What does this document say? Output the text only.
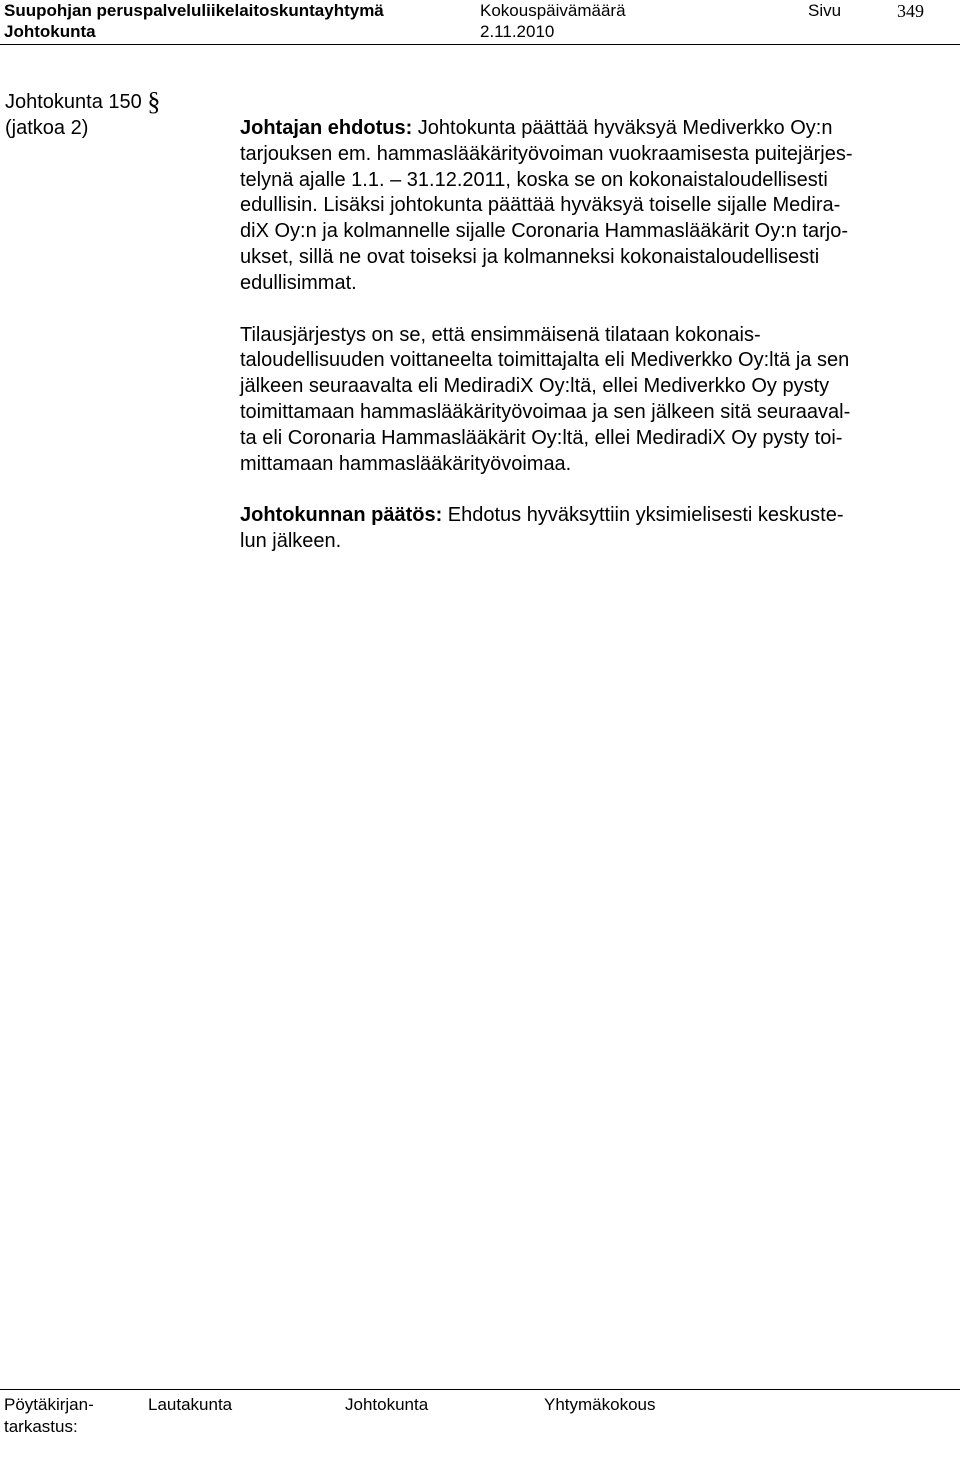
Suupohjan peruspalveluliikelaitoskuntayhtymä	Kokouspäivämäärä	Sivu	349
Johtokunta	2.11.2010
Johtokunta 150 §
(jatkoa 2)	Johtajan ehdotus: Johtokunta päättää hyväksyä Mediverkko Oy:n
tarjouksen em. hammaslääkärityövoiman vuokraamisesta puitejärjes-
telynä ajalle 1.1. – 31.12.2011, koska se on kokonaistaloudellisesti
edullisin. Lisäksi johtokunta päättää hyväksyä toiselle sijalle Medira-
diX Oy:n ja kolmannelle sijalle Coronaria Hammaslääkärit Oy:n tarjo-
ukset, sillä ne ovat toiseksi ja kolmanneksi kokonaistaloudellisesti
edullisimmat.

Tilausjärjestys on se, että ensimmäisenä tilataan kokonais-
taloudellisuuden voittaneelta toimittajalta eli Mediverkko Oy:ltä ja sen
jälkeen seuraavalta eli MediradiX Oy:ltä, ellei Mediverkko Oy pysty
toimittamaan hammaslääkärityövoimaa ja sen jälkeen sitä seuraaval-
ta eli Coronaria Hammaslääkärit Oy:ltä, ellei MediradiX Oy pysty toi-
mittamaan hammaslääkärityövoimaa.

Johtokunnan päätös: Ehdotus hyväksyttiin yksimielisesti keskuste-
lun jälkeen.

Pöytäkirjan-
tarkastus:
Lautakunta	Johtokunta	Yhtymäkokous
